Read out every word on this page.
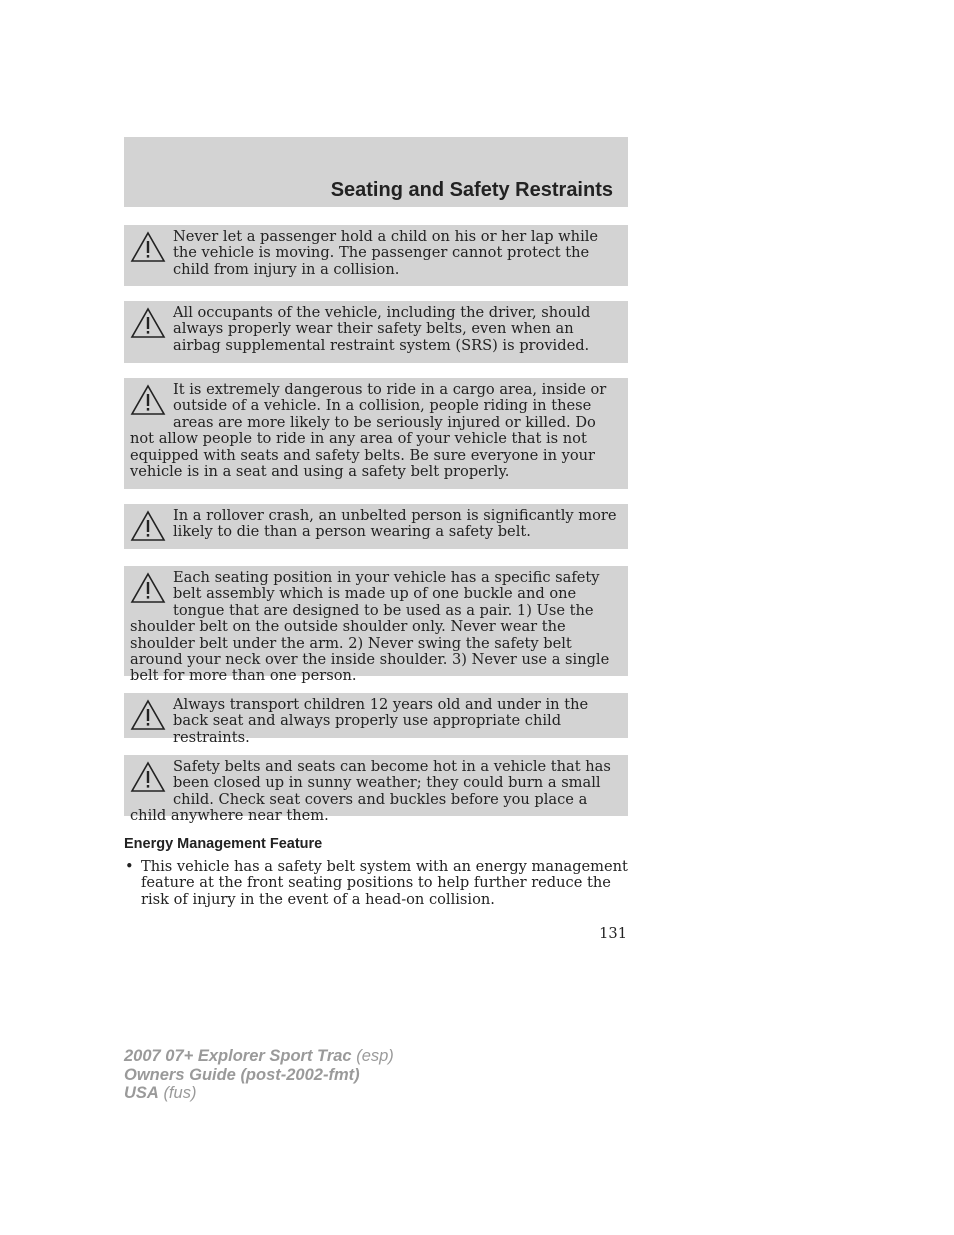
Seating and Safety Restraints
Never let a passenger hold a child on his or her lap while the vehicle is moving. The passenger cannot protect the child from injury in a collision.
All occupants of the vehicle, including the driver, should always properly wear their safety belts, even when an airbag supplemental restraint system (SRS) is provided.
It is extremely dangerous to ride in a cargo area, inside or outside of a vehicle. In a collision, people riding in these areas are more likely to be seriously injured or killed. Do not allow people to ride in any area of your vehicle that is not equipped with seats and safety belts. Be sure everyone in your vehicle is in a seat and using a safety belt properly.
In a rollover crash, an unbelted person is significantly more likely to die than a person wearing a safety belt.
Each seating position in your vehicle has a specific safety belt assembly which is made up of one buckle and one tongue that are designed to be used as a pair. 1) Use the shoulder belt on the outside shoulder only. Never wear the shoulder belt under the arm. 2) Never swing the safety belt around your neck over the inside shoulder. 3) Never use a single belt for more than one person.
Always transport children 12 years old and under in the back seat and always properly use appropriate child restraints.
Safety belts and seats can become hot in a vehicle that has been closed up in sunny weather; they could burn a small child. Check seat covers and buckles before you place a child anywhere near them.
Energy Management Feature
• This vehicle has a safety belt system with an energy management feature at the front seating positions to help further reduce the risk of injury in the event of a head-on collision.
131
2007 07+ Explorer Sport Trac (esp)
Owners Guide (post-2002-fmt)
USA (fus)
